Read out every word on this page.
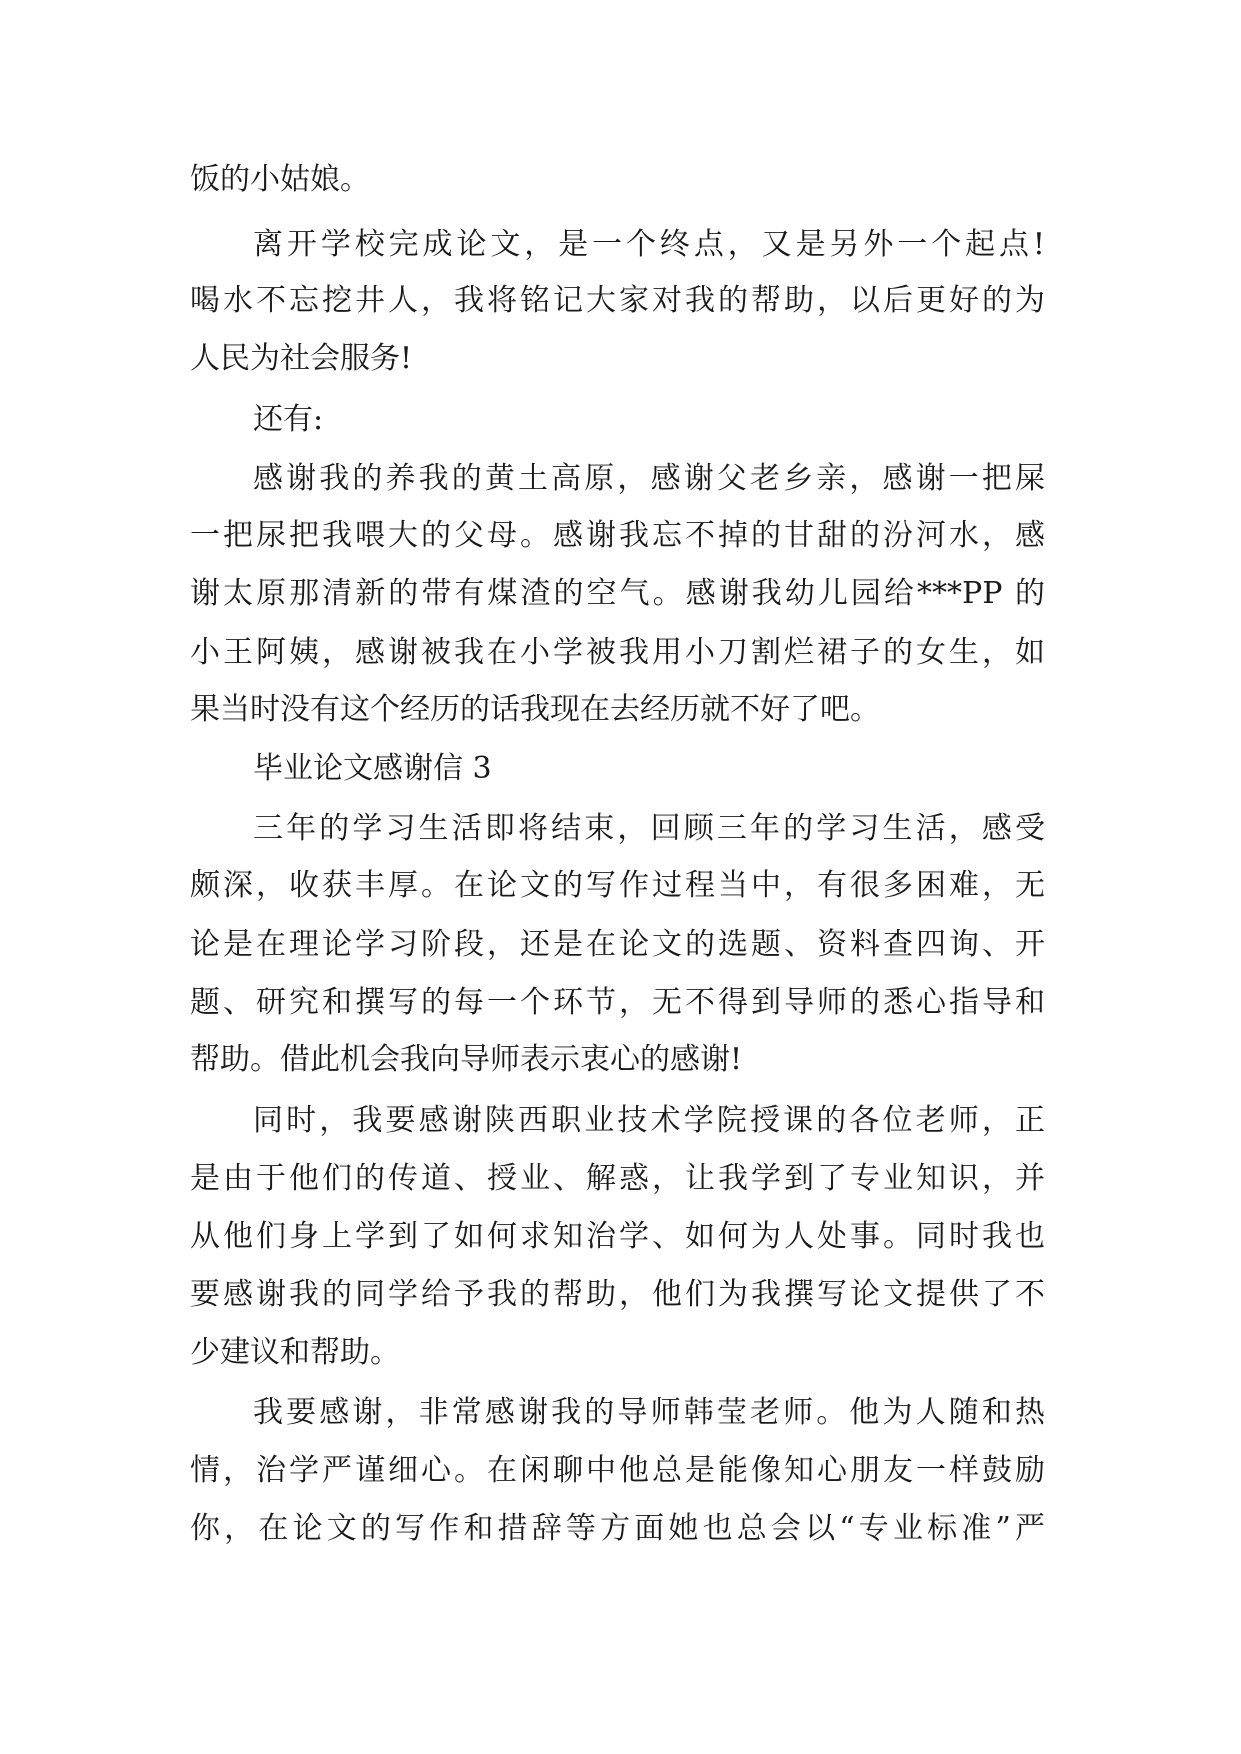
饭的小姑娘。

离开学校完成论文，是一个终点，又是另外一个起点!

喝水不忘挖井人，我将铭记大家对我的帮助，以后更好的为

人民为社会服务!

还有:

感谢我的养我的黄土高原，感谢父老乡亲，感谢一把屎

一把尿把我喂大的父母。感谢我忘不掉的甘甜的汾河水，感

谢太原那清新的带有煤渣的空气。感谢我幼儿园给***PP 的

小王阿姨，感谢被我在小学被我用小刀割烂裙子的女生，如

果当时没有这个经历的话我现在去经历就不好了吧。

毕业论文感谢信 3

三年的学习生活即将结束，回顾三年的学习生活，感受

颇深，收获丰厚。在论文的写作过程当中，有很多困难，无

论是在理论学习阶段，还是在论文的选题、资料查四询、开

题、研究和撰写的每一个环节，无不得到导师的悉心指导和

帮助。借此机会我向导师表示衷心的感谢!

同时，我要感谢陕西职业技术学院授课的各位老师，正

是由于他们的传道、授业、解惑，让我学到了专业知识，并

从他们身上学到了如何求知治学、如何为人处事。同时我也

要感谢我的同学给予我的帮助，他们为我撰写论文提供了不

少建议和帮助。

我要感谢，非常感谢我的导师韩莹老师。他为人随和热

情，治学严谨细心。在闲聊中他总是能像知心朋友一样鼓励

你，在论文的写作和措辞等方面她也总会以“专业标准”严
